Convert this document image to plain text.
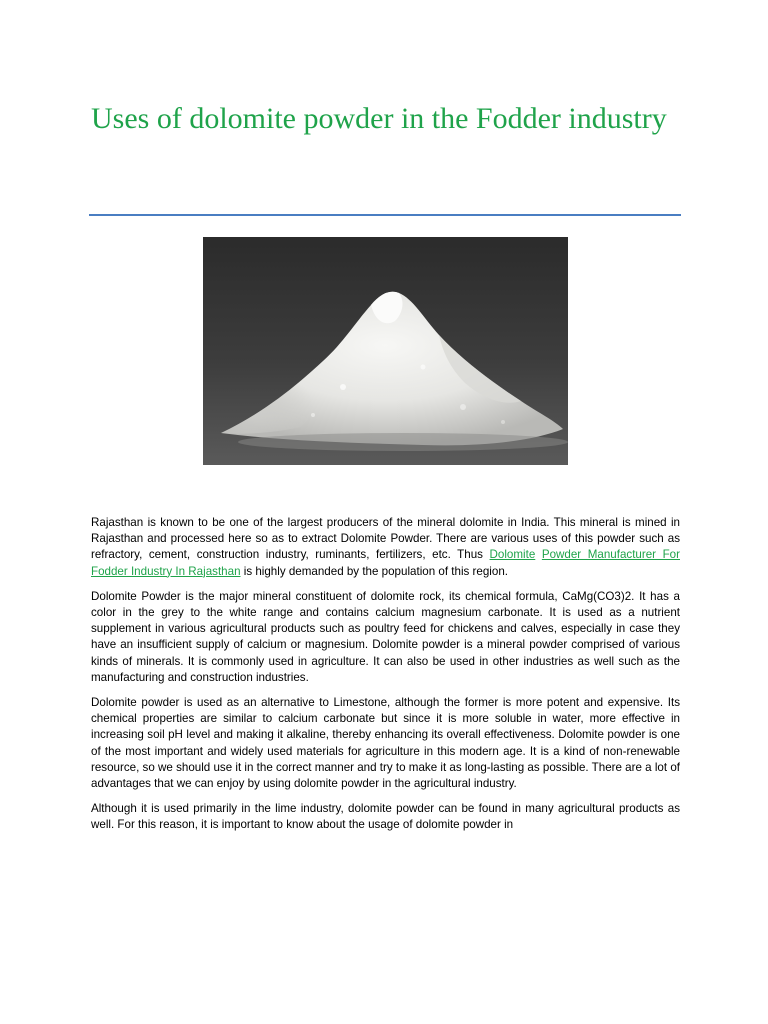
Uses of dolomite powder in the Fodder industry

Rajasthan is known to be one of the largest producers of the mineral dolomite in India. This mineral is mined in Rajasthan and processed here so as to extract Dolomite Powder. There are various uses of this powder such as refractory, cement, construction industry, ruminants, fertilizers, etc. Thus Dolomite Powder Manufacturer For Fodder Industry In Rajasthan is highly demanded by the population of this region.

Dolomite Powder is the major mineral constituent of dolomite rock, its chemical formula, CaMg(CO3)2. It has a color in the grey to the white range and contains calcium magnesium carbonate. It is used as a nutrient supplement in various agricultural products such as poultry feed for chickens and calves, especially in case they have an insufficient supply of calcium or magnesium. Dolomite powder is a mineral powder comprised of various kinds of minerals. It is commonly used in agriculture. It can also be used in other industries as well such as the manufacturing and construction industries.

Dolomite powder is used as an alternative to Limestone, although the former is more potent and expensive. Its chemical properties are similar to calcium carbonate but since it is more soluble in water, more effective in increasing soil pH level and making it alkaline, thereby enhancing its overall effectiveness. Dolomite powder is one of the most important and widely used materials for agriculture in this modern age. It is a kind of non-renewable resource, so we should use it in the correct manner and try to make it as long-lasting as possible. There are a lot of advantages that we can enjoy by using dolomite powder in the agricultural industry.

Although it is used primarily in the lime industry, dolomite powder can be found in many agricultural products as well. For this reason, it is important to know about the usage of dolomite powder in
